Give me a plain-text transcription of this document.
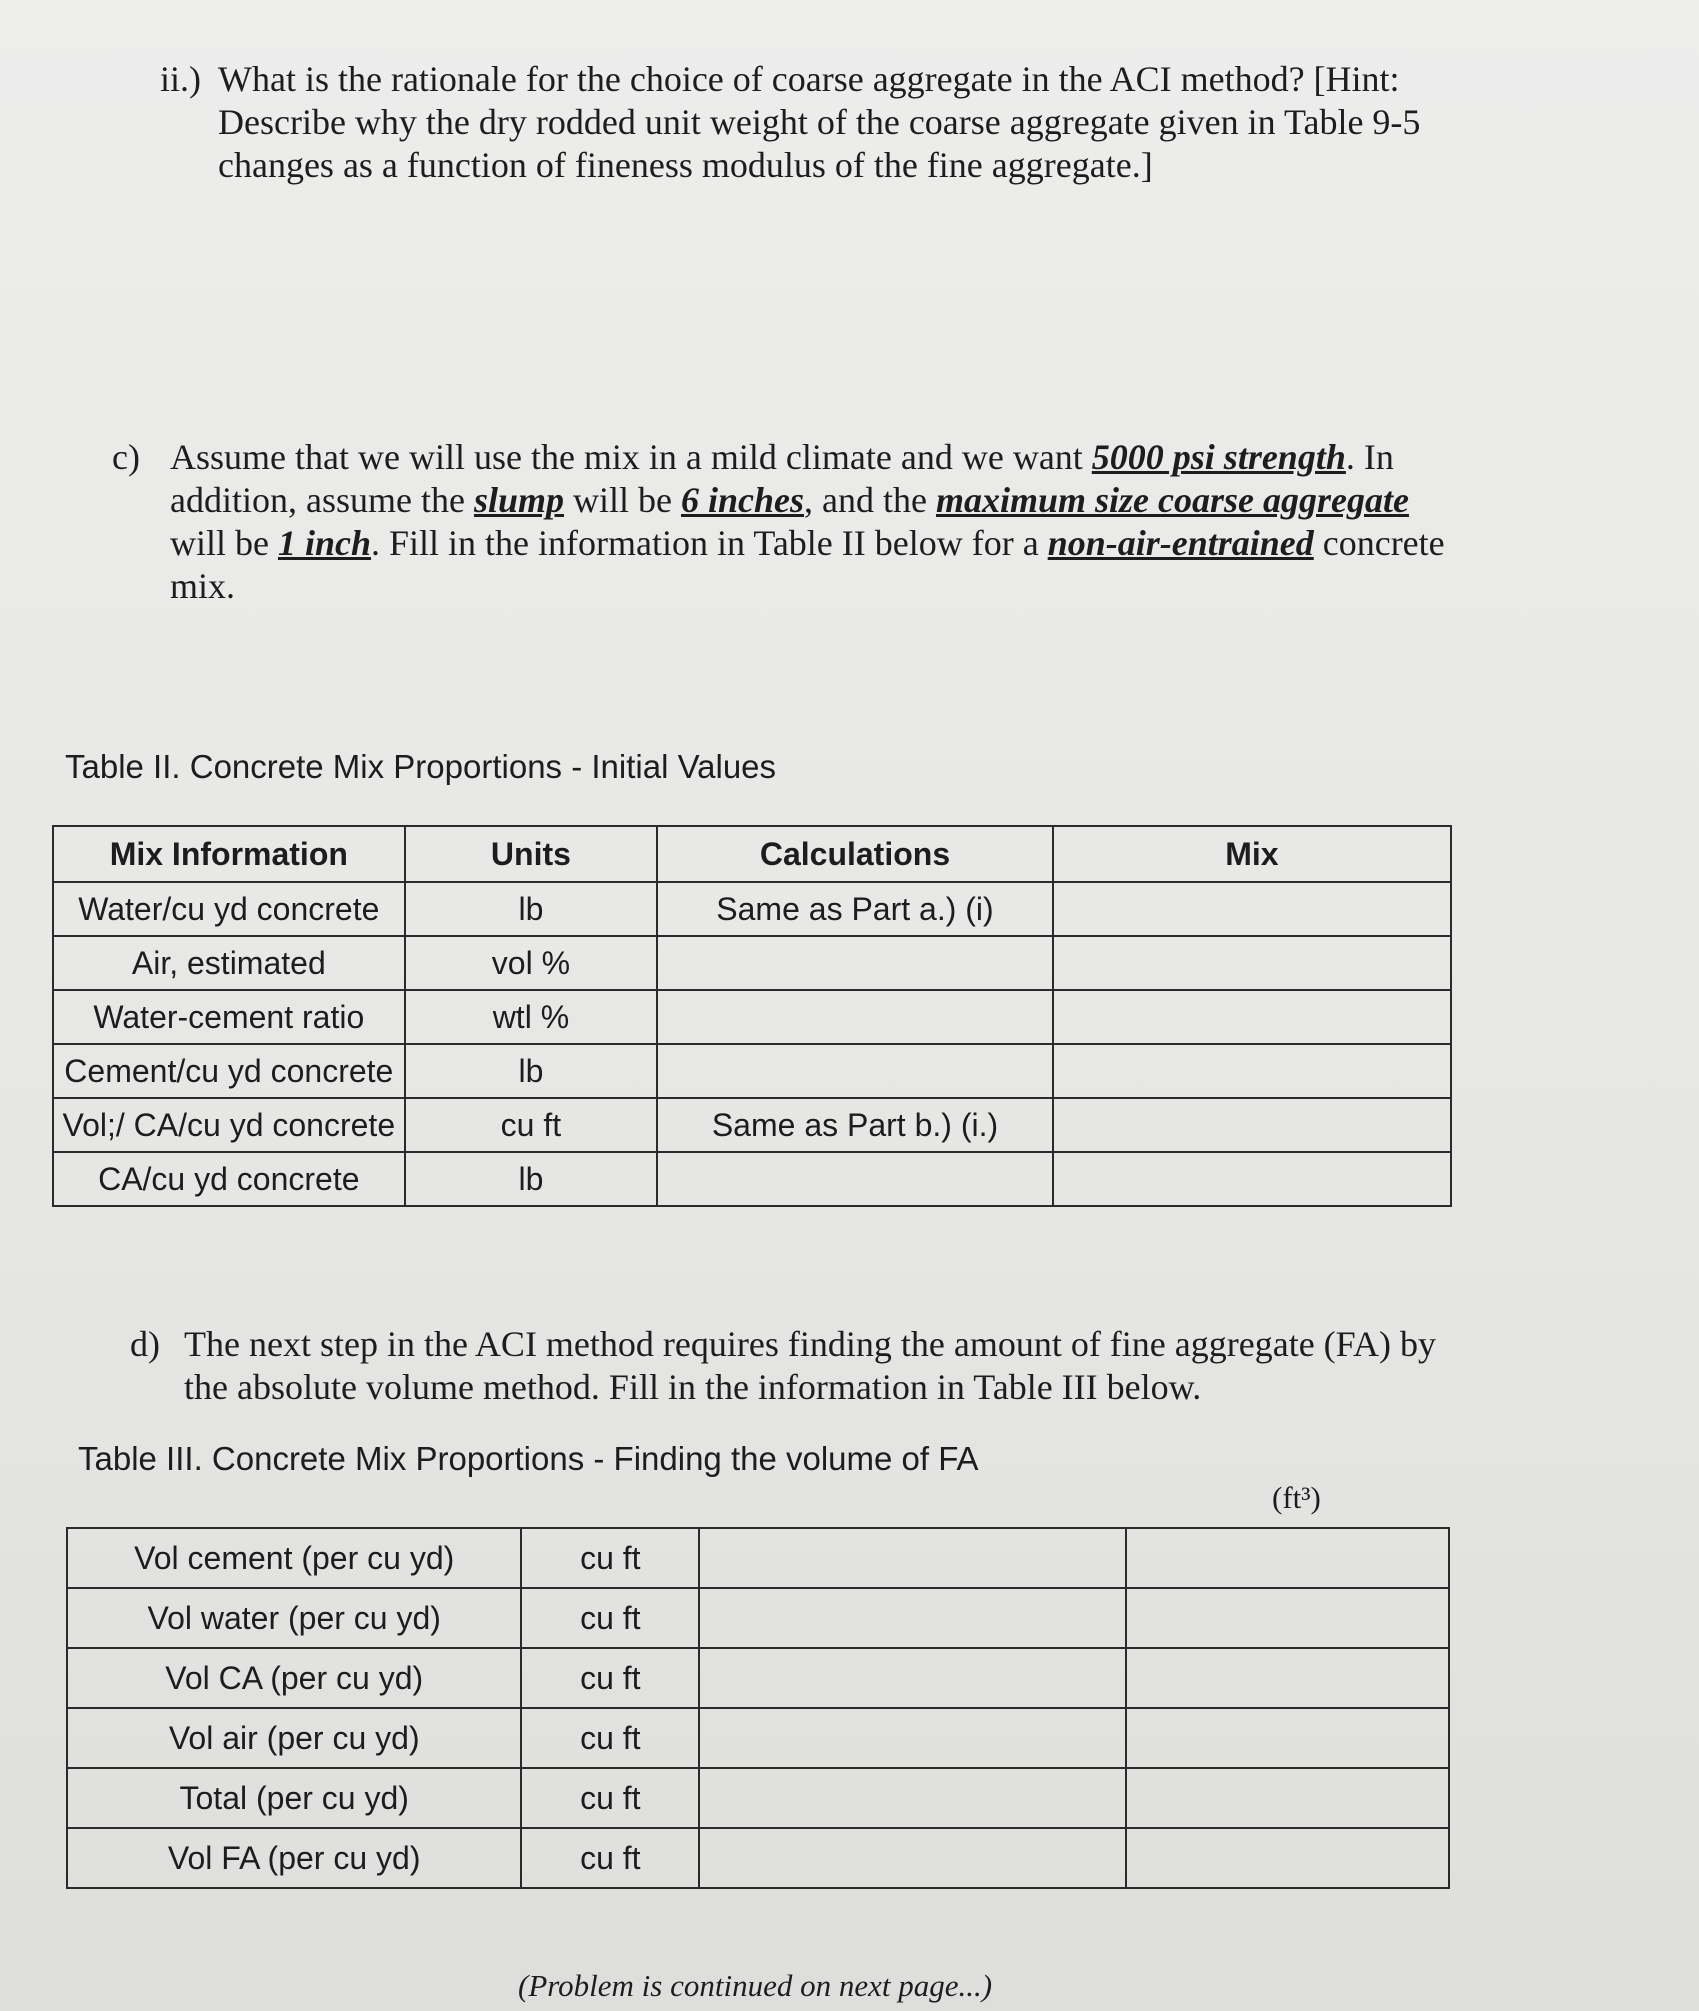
ii.) What is the rationale for the choice of coarse aggregate in the ACI method? [Hint: Describe why the dry rodded unit weight of the coarse aggregate given in Table 9-5 changes as a function of fineness modulus of the fine aggregate.]
c) Assume that we will use the mix in a mild climate and we want 5000 psi strength. In addition, assume the slump will be 6 inches, and the maximum size coarse aggregate will be 1 inch. Fill in the information in Table II below for a non-air-entrained concrete mix.
Table II. Concrete Mix Proportions - Initial Values
Mix Information	Units	Calculations	Mix
Water/cu yd concrete	lb	Same as Part a.) (i)	
Air, estimated	vol %		
Water-cement ratio	wtl %		
Cement/cu yd concrete	lb		
Vol;/ CA/cu yd concrete	cu ft	Same as Part b.) (i.)	
CA/cu yd concrete	lb		
d) The next step in the ACI method requires finding the amount of fine aggregate (FA) by the absolute volume method. Fill in the information in Table III below.
Table III. Concrete Mix Proportions - Finding the volume of FA
(ft³)
Vol cement (per cu yd)	cu ft		
Vol water (per cu yd)	cu ft		
Vol CA (per cu yd)	cu ft		
Vol air (per cu yd)	cu ft		
Total (per cu yd)	cu ft		
Vol FA (per cu yd)	cu ft		
(Problem is continued on next page...)
